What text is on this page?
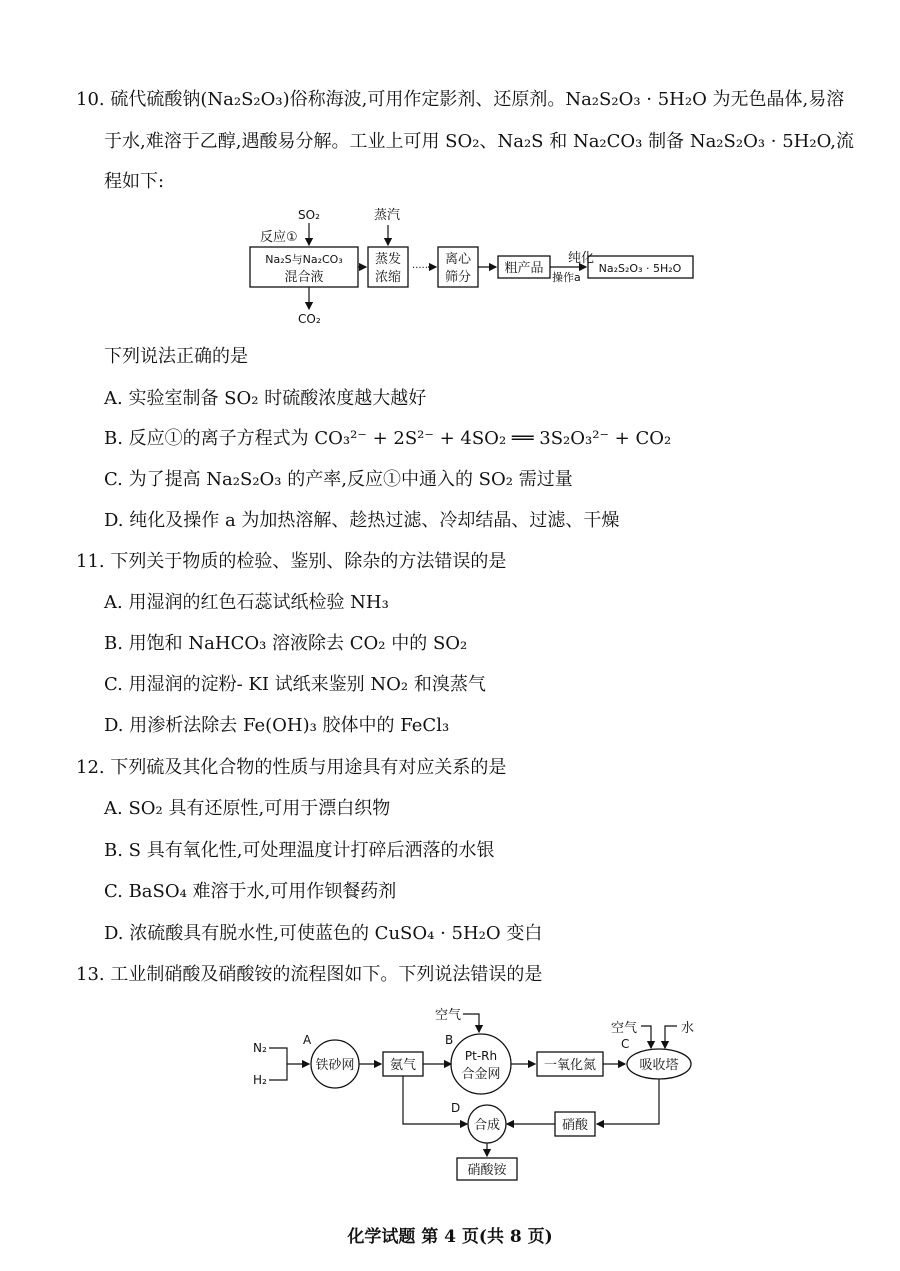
10. 硫代硫酸钠(Na₂S₂O₃)俗称海波,可用作定影剂、还原剂。Na₂S₂O₃ · 5H₂O 为无色晶体,易溶
于水,难溶于乙醇,遇酸易分解。工业上可用 SO₂、Na₂S 和 Na₂CO₃ 制备 Na₂S₂O₃ · 5H₂O,流
程如下:
SO₂
反应①
Na₂S与Na₂CO₃
混合液
CO₂
蒸汽
蒸发
浓缩
······
离心
筛分
粗产品
纯化
操作a
Na₂S₂O₃ · 5H₂O
下列说法正确的是
A. 实验室制备 SO₂ 时硫酸浓度越大越好
B. 反应①的离子方程式为 CO₃²⁻ + 2S²⁻ + 4SO₂ ══ 3S₂O₃²⁻ + CO₂
C. 为了提高 Na₂S₂O₃ 的产率,反应①中通入的 SO₂ 需过量
D. 纯化及操作 a 为加热溶解、趁热过滤、冷却结晶、过滤、干燥
11. 下列关于物质的检验、鉴别、除杂的方法错误的是
A. 用湿润的红色石蕊试纸检验 NH₃
B. 用饱和 NaHCO₃ 溶液除去 CO₂ 中的 SO₂
C. 用湿润的淀粉- KI 试纸来鉴别 NO₂ 和溴蒸气
D. 用渗析法除去 Fe(OH)₃ 胶体中的 FeCl₃
12. 下列硫及其化合物的性质与用途具有对应关系的是
A. SO₂ 具有还原性,可用于漂白织物
B. S 具有氧化性,可处理温度计打碎后洒落的水银
C. BaSO₄ 难溶于水,可用作钡餐药剂
D. 浓硫酸具有脱水性,可使蓝色的 CuSO₄ · 5H₂O 变白
13. 工业制硝酸及硝酸铵的流程图如下。下列说法错误的是
N₂
H₂
A
铁砂网	氨气
空气
B
Pt-Rh
合金网
一氧化氮
空气	水
C
吸收塔
硝酸
D
合成
硝酸铵
化学试题 第 4 页(共 8 页)
